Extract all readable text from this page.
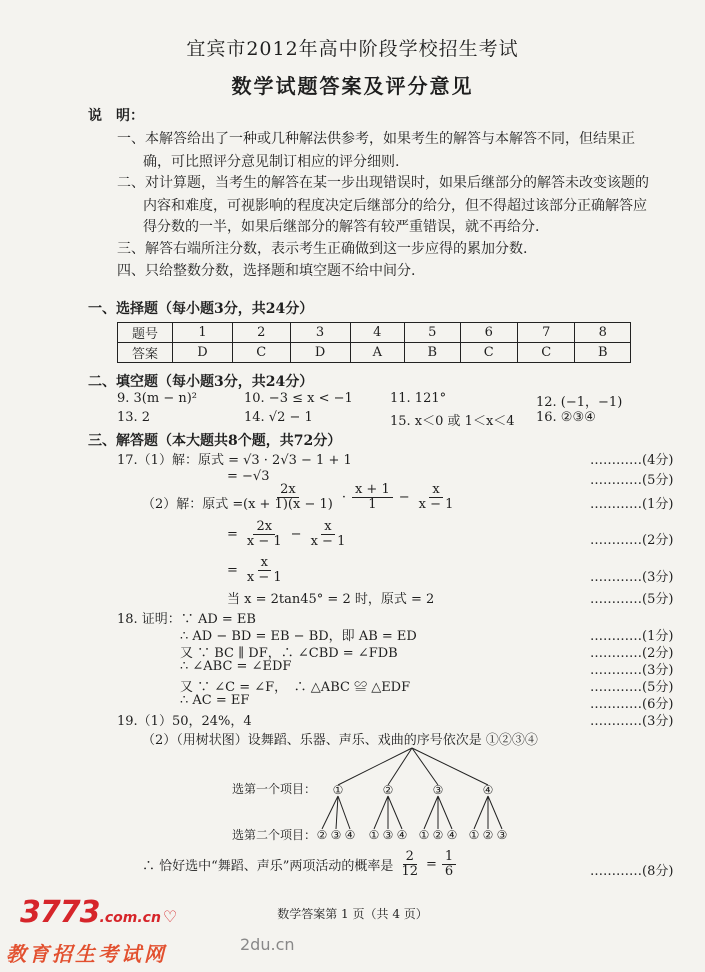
宜宾市2012年高中阶段学校招生考试
数学试题答案及评分意见
说　明：
一、本解答给出了一种或几种解法供参考，如果考生的解答与本解答不同，但结果正
确，可比照评分意见制订相应的评分细则.
二、对计算题，当考生的解答在某一步出现错误时，如果后继部分的解答未改变该题的
内容和难度，可视影响的程度决定后继部分的给分，但不得超过该部分正确解答应
得分数的一半，如果后继部分的解答有较严重错误，就不再给分.
三、解答右端所注分数，表示考生正确做到这一步应得的累加分数.
四、只给整数分数，选择题和填空题不给中间分.
一、选择题（每小题3分，共24分）
题号	1	2	3	4	5	6	7	8
答案	D	C	D	A	B	C	C	B
二、填空题（每小题3分，共24分）
9. 3(m − n)²	10. −3 ≤ x < −1	11. 121°	12. (−1，−1)
13. 2	14. √2 − 1	15. x＜0 或 1＜x＜4 16. ②③④
三、解答题（本大题共8个题，共72分）
17.（1）解：原式 = √3 · 2√3 − 1 + 1	…………(4分)
= −√3	…………(5分)
（2）解：原式 =
$\frac{2x}{(x + 1)(x - 1)} \cdot \frac{x + 1}{1} - \frac{x}{x - 1}$	…………(1分)
= $\frac{2x}{x - 1} - \frac{x}{x - 1}$	…………(2分)
= $\frac{x}{x - 1}$	…………(3分)
当 x = 2tan45° = 2 时，原式 = 2	…………(5分)
18. 证明：∵ AD = EB
∴ AD − BD = EB − BD，即 AB = ED	…………(1分)
又 ∵ BC ∥ DF，∴ ∠CBD = ∠FDB	…………(2分)
∴ ∠ABC = ∠EDF	…………(3分)
又 ∵ ∠C = ∠F，　∴ △ABC ≌ △EDF	…………(5分)
∴ AC = EF	…………(6分)
19.（1）50，24%，4	…………(3分)
（2）（用树状图）设舞蹈、乐器、声乐、戏曲的序号依次是 ①②③④
选第一个项目： ①	②	③	④
选第二个项目： ② ③ ④ ① ③ ④ ① ② ④ ① ② ③
∴ 恰好选中“舞蹈、声乐”两项活动的概率是 $\frac{2}{12} = \frac{1}{6}$	…………(8分)
数学答案第 1 页（共 4 页）
3773 .com.cn ♡
教育招生考试网	2du.cn
